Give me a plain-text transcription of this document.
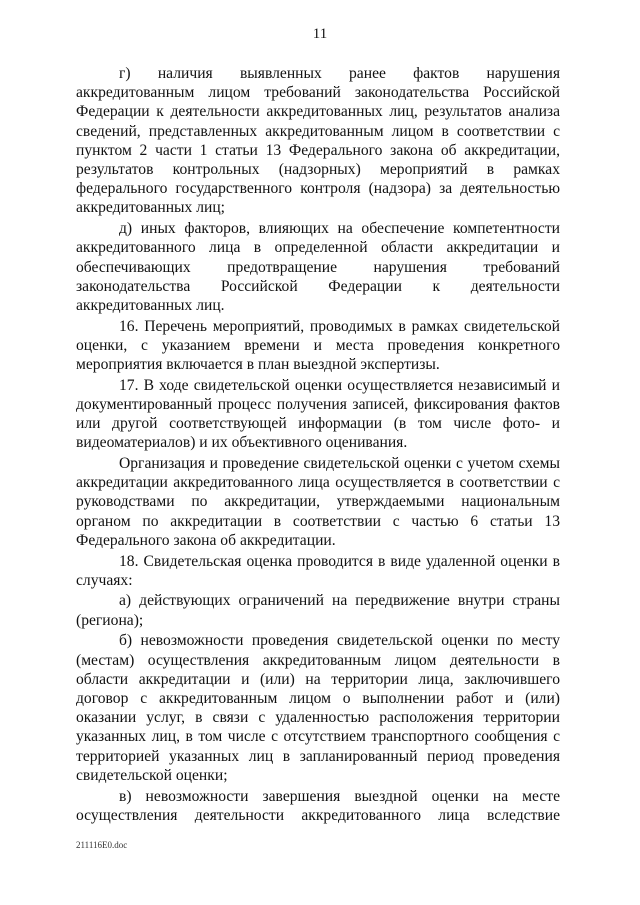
11

г) наличия выявленных ранее фактов нарушения аккредитованным лицом требований законодательства Российской Федерации к деятельности аккредитованных лиц, результатов анализа сведений, представленных аккредитованным лицом в соответствии с пунктом 2 части 1 статьи 13 Федерального закона об аккредитации, результатов контрольных (надзорных) мероприятий в рамках федерального государственного контроля (надзора) за деятельностью аккредитованных лиц;

д) иных факторов, влияющих на обеспечение компетентности аккредитованного лица в определенной области аккредитации и обеспечивающих предотвращение нарушения требований законодательства Российской Федерации к деятельности аккредитованных лиц.

16. Перечень мероприятий, проводимых в рамках свидетельской оценки, с указанием времени и места проведения конкретного мероприятия включается в план выездной экспертизы.

17. В ходе свидетельской оценки осуществляется независимый и документированный процесс получения записей, фиксирования фактов или другой соответствующей информации (в том числе фото- и видеоматериалов) и их объективного оценивания.

Организация и проведение свидетельской оценки с учетом схемы аккредитации аккредитованного лица осуществляется в соответствии с руководствами по аккредитации, утверждаемыми национальным органом по аккредитации в соответствии с частью 6 статьи 13 Федерального закона об аккредитации.

18. Свидетельская оценка проводится в виде удаленной оценки в случаях:

а) действующих ограничений на передвижение внутри страны (региона);

б) невозможности проведения свидетельской оценки по месту (местам) осуществления аккредитованным лицом деятельности в области аккредитации и (или) на территории лица, заключившего договор с аккредитованным лицом о выполнении работ и (или) оказании услуг, в связи с удаленностью расположения территории указанных лиц, в том числе с отсутствием транспортного сообщения с территорией указанных лиц в запланированный период проведения свидетельской оценки;

в) невозможности завершения выездной оценки на месте осуществления деятельности аккредитованного лица вследствие

211116E0.doc
